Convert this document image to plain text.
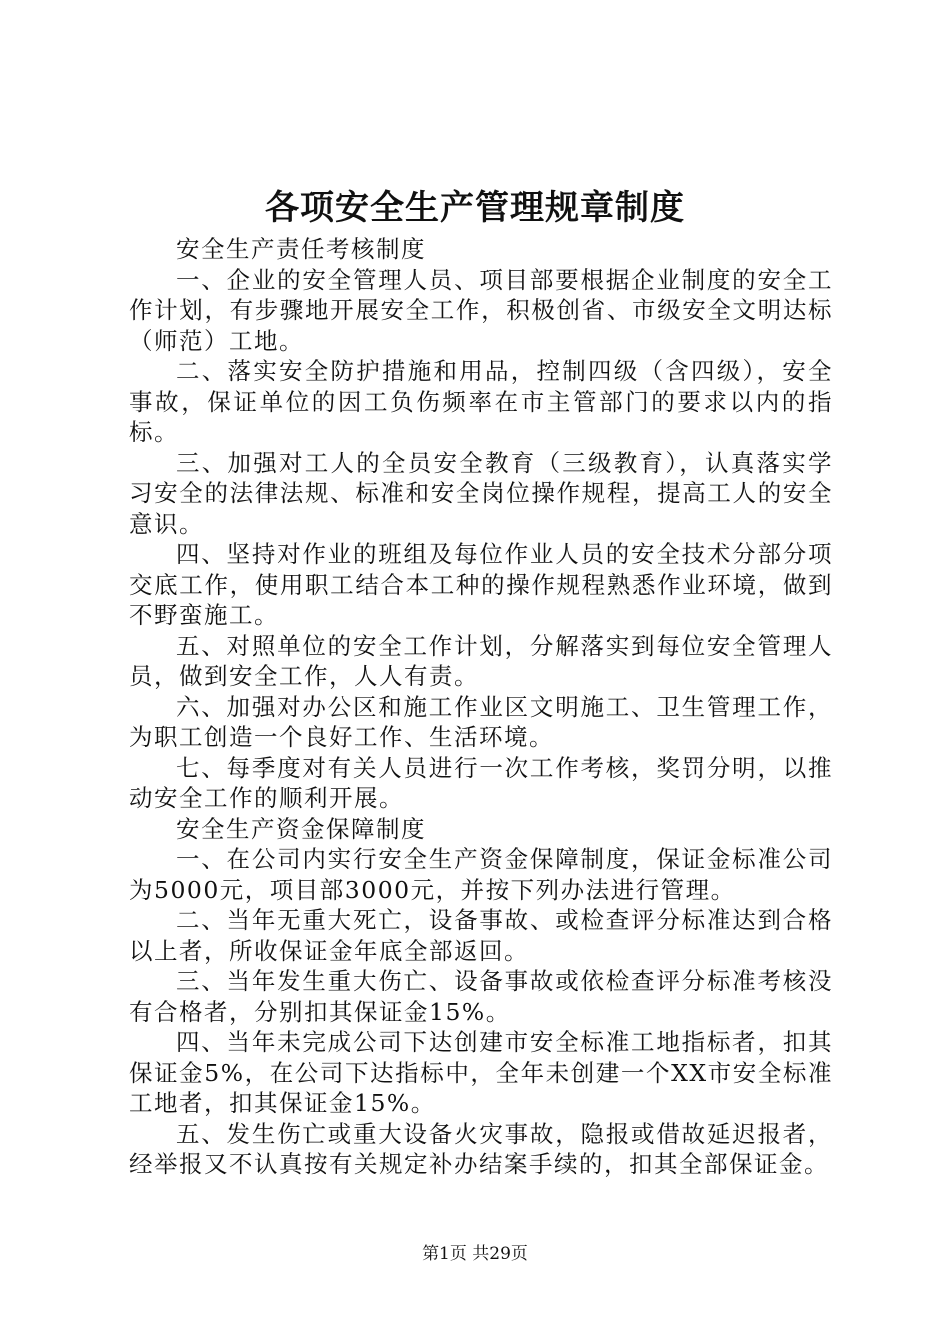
各项安全生产管理规章制度

安全生产责任考核制度

一、企业的安全管理人员、项目部要根据企业制度的安全工作计划，有步骤地开展安全工作，积极创省、市级安全文明达标（师范）工地。

二、落实安全防护措施和用品，控制四级（含四级），安全事故，保证单位的因工负伤频率在市主管部门的要求以内的指标。

三、加强对工人的全员安全教育（三级教育），认真落实学习安全的法律法规、标准和安全岗位操作规程，提高工人的安全意识。

四、坚持对作业的班组及每位作业人员的安全技术分部分项交底工作，使用职工结合本工种的操作规程熟悉作业环境，做到不野蛮施工。

五、对照单位的安全工作计划，分解落实到每位安全管理人员，做到安全工作，人人有责。

六、加强对办公区和施工作业区文明施工、卫生管理工作，为职工创造一个良好工作、生活环境。

七、每季度对有关人员进行一次工作考核，奖罚分明，以推动安全工作的顺利开展。

安全生产资金保障制度

一、在公司内实行安全生产资金保障制度，保证金标准公司为5000元，项目部3000元，并按下列办法进行管理。

二、当年无重大死亡，设备事故、或检查评分标准达到合格以上者，所收保证金年底全部返回。

三、当年发生重大伤亡、设备事故或依检查评分标准考核没有合格者，分别扣其保证金15%。

四、当年未完成公司下达创建市安全标准工地指标者，扣其保证金5%，在公司下达指标中，全年未创建一个XX市安全标准工地者，扣其保证金15%。

五、发生伤亡或重大设备火灾事故，隐报或借故延迟报者，经举报又不认真按有关规定补办结案手续的，扣其全部保证金。

第1页 共29页
